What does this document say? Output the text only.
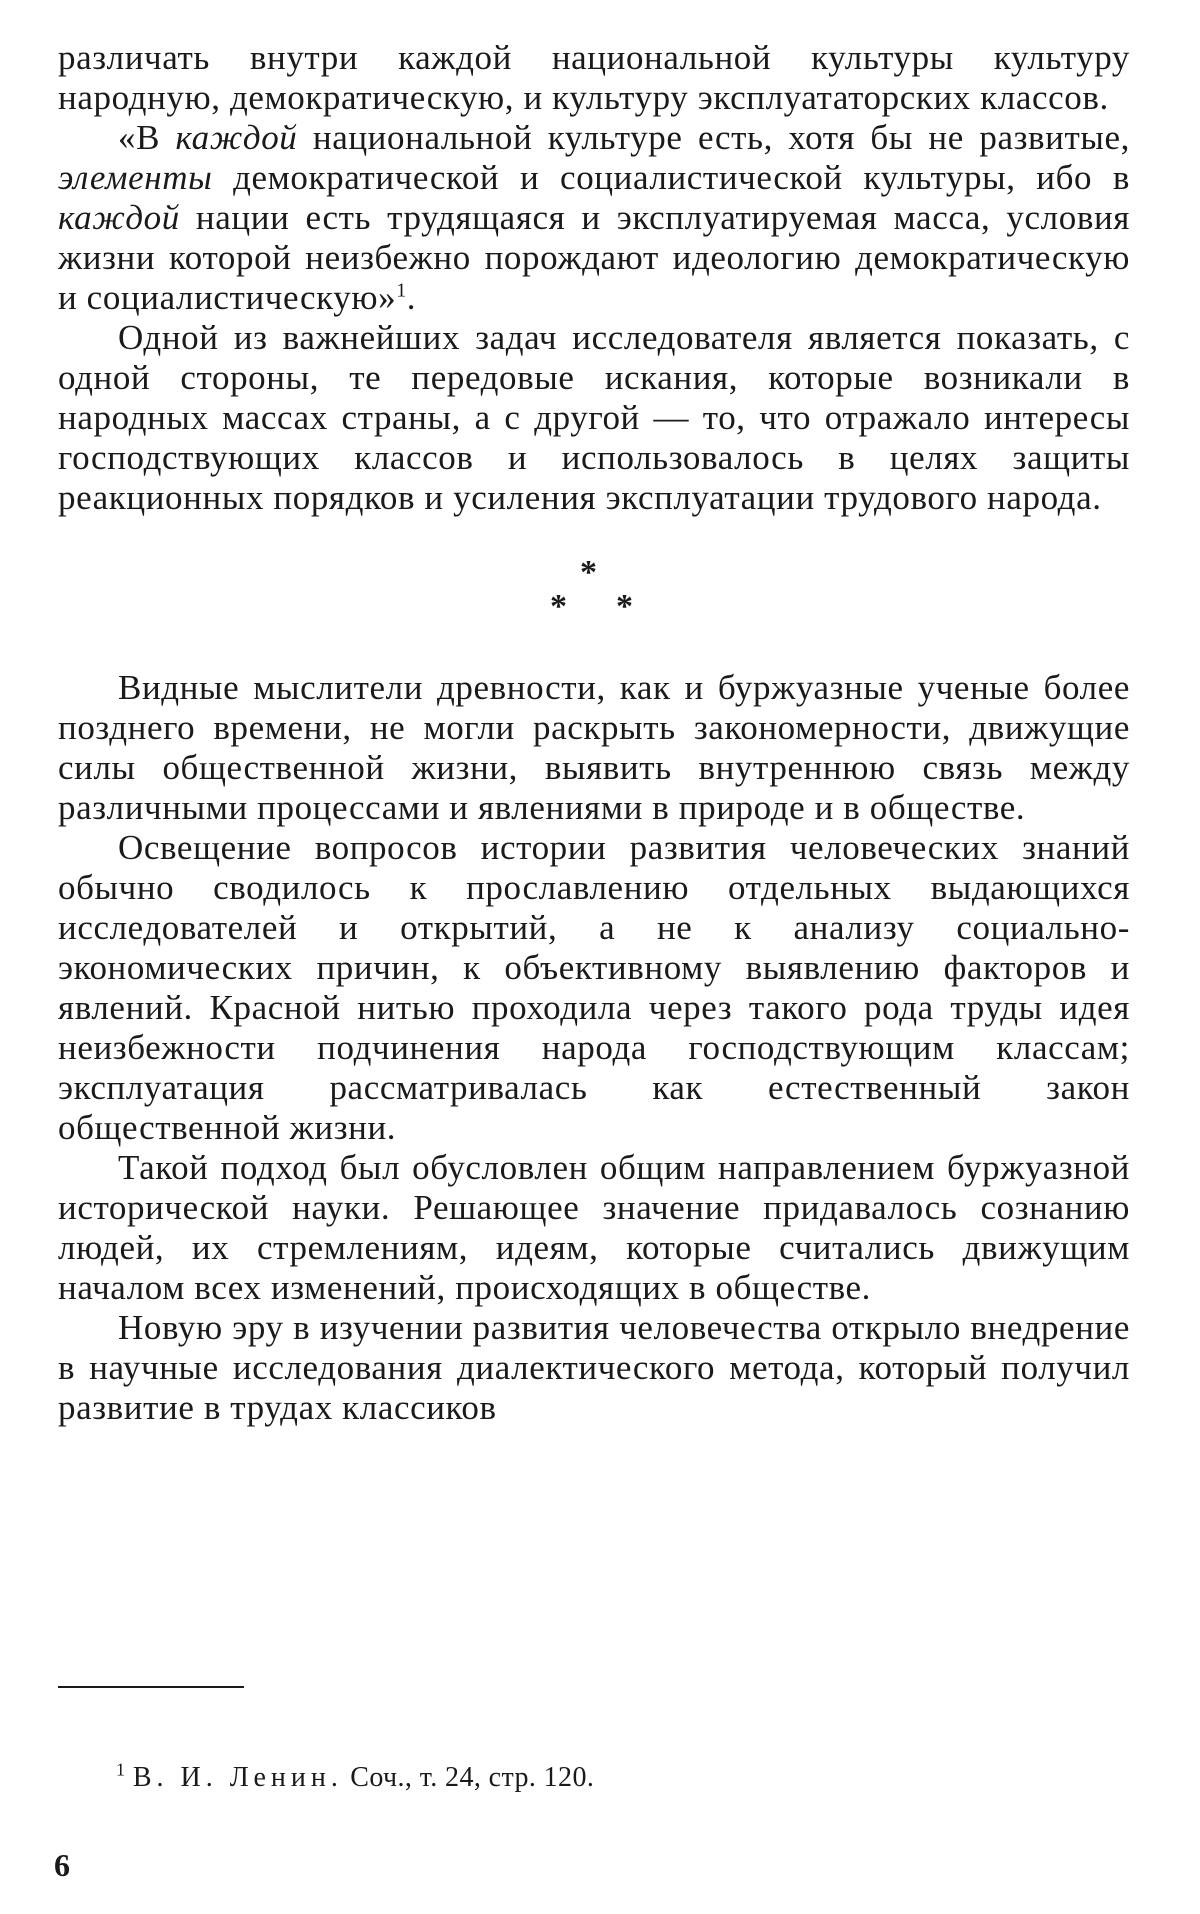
различать внутри каждой национальной культуры культуру народную, демократическую, и культуру эксплуататорских классов.

«В каждой национальной культуре есть, хотя бы не развитые, элементы демократической и социалистической культуры, ибо в каждой нации есть трудящаяся и эксплуатируемая масса, условия жизни которой неизбежно порождают идеологию демократическую и социалистическую»$^1$.

Одной из важнейших задач исследователя является показать, с одной стороны, те передовые искания, которые возникали в народных массах страны, а с другой — то, что отражало интересы господствующих классов и использовалось в целях защиты реакционных порядков и усиления эксплуатации трудового народа.

*
* *

Видные мыслители древности, как и буржуазные ученые более позднего времени, не могли раскрыть закономерности, движущие силы общественной жизни, выявить внутреннюю связь между различными процессами и явлениями в природе и в обществе.

Освещение вопросов истории развития человеческих знаний обычно сводилось к прославлению отдельных выдающихся исследователей и открытий, а не к анализу социально-экономических причин, к объективному выявлению факторов и явлений. Красной нитью проходила через такого рода труды идея неизбежности подчинения народа господствующим классам; эксплуатация рассматривалась как естественный закон общественной жизни.

Такой подход был обусловлен общим направлением буржуазной исторической науки. Решающее значение придавалось сознанию людей, их стремлениям, идеям, которые считались движущим началом всех изменений, происходящих в обществе.

Новую эру в изучении развития человечества открыло внедрение в научные исследования диалектического метода, который получил развитие в трудах классиков

$^1$ В. И. Ленин. Соч., т. 24, стр. 120.
6
